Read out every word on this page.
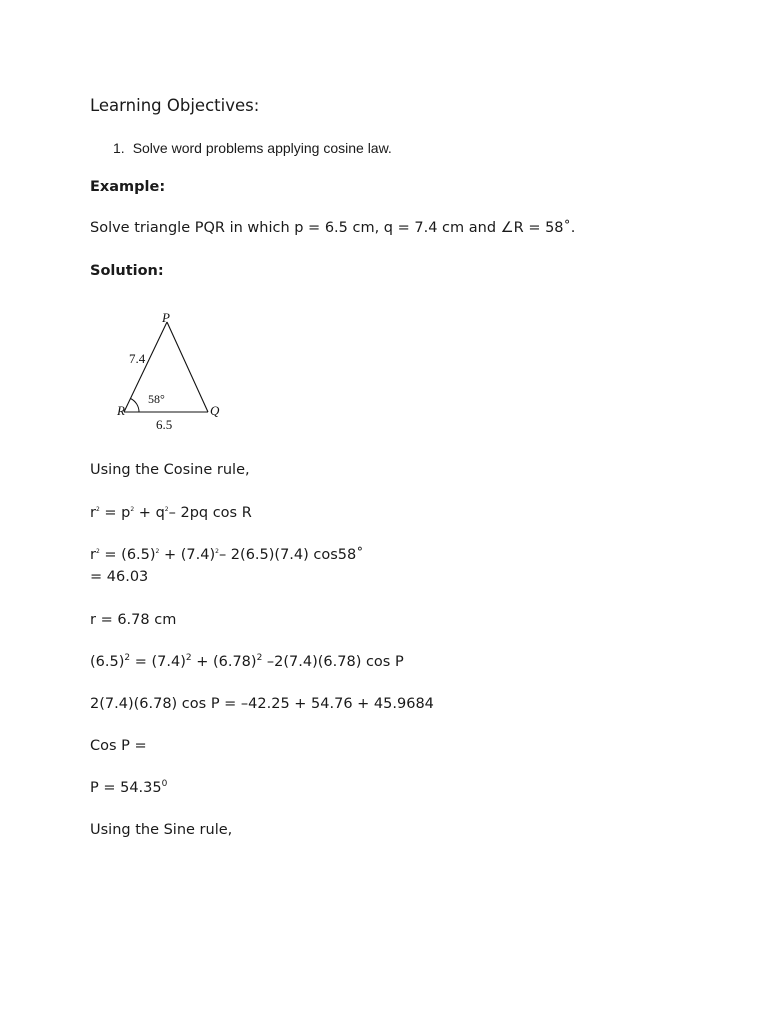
Learning Objectives:
1. Solve word problems applying cosine law.
Example:
Solve triangle PQR in which p = 6.5 cm, q = 7.4 cm and ∠R = 58˚.
Solution:
P
R	Q
7.4
6.5
58°
Using the Cosine rule,
$r^2 = p^2 + q^2-$ 2pq cos R
$r^2 = (6.5)^2 + (7.4)^2-$ 2(6.5)(7.4) cos58˚
= 46.03
r = 6.78 cm
$(6.5)^2 = (7.4)^2 + (6.78)^2$ –2(7.4)(6.78) cos P
2(7.4)(6.78) cos P = –42.25 + 54.76 + 45.9684
Cos P =
$P = 54.35^0$
Using the Sine rule,
